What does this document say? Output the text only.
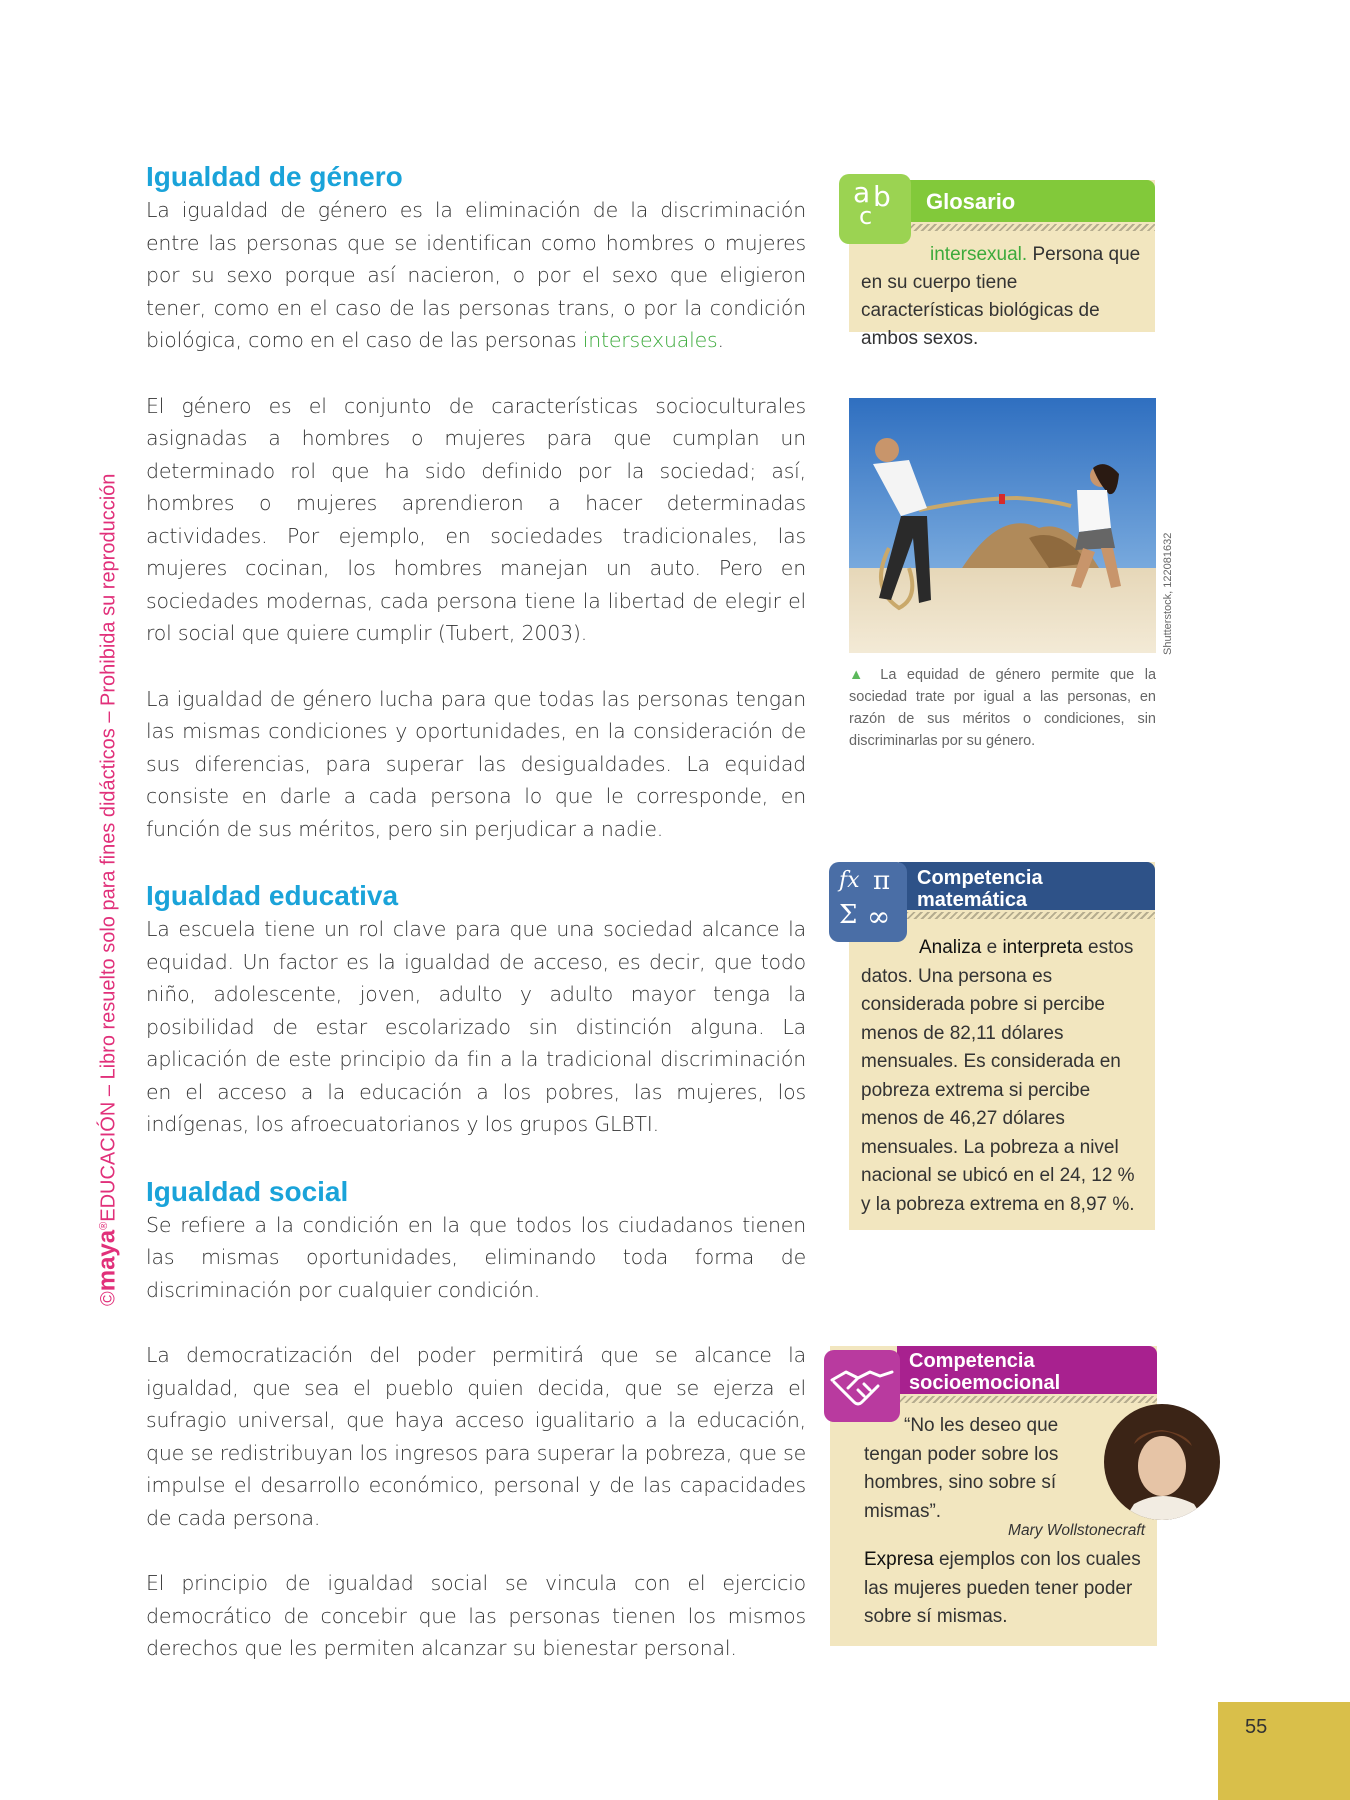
©maya®EDUCACIÓN – Libro resuelto solo para fines didácticos – Prohibida su reproducción
Igualdad de género

La igualdad de género es la eliminación de la discriminación entre las personas que se identifican como hombres o mujeres por su sexo porque así nacieron, o por el sexo que eligieron tener, como en el caso de las personas trans, o por la condición biológica, como en el caso de las personas intersexuales.

El género es el conjunto de características socioculturales asignadas a hombres o mujeres para que cumplan un determinado rol que ha sido definido por la sociedad; así, hombres o mujeres aprendieron a hacer determinadas actividades. Por ejemplo, en sociedades tradicionales, las mujeres cocinan, los hombres manejan un auto. Pero en sociedades modernas, cada persona tiene la libertad de elegir el rol social que quiere cumplir (Tubert, 2003).

La igualdad de género lucha para que todas las personas tengan las mismas condiciones y oportunidades, en la consideración de sus diferencias, para superar las desigualdades. La equidad consiste en darle a cada persona lo que le corresponde, en función de sus méritos, pero sin perjudicar a nadie.

Igualdad educativa

La escuela tiene un rol clave para que una sociedad alcance la equidad. Un factor es la igualdad de acceso, es decir, que todo niño, adolescente, joven, adulto y adulto mayor tenga la posibilidad de estar escolarizado sin distinción alguna. La aplicación de este principio da fin a la tradicional discriminación en el acceso a la educación a los pobres, las mujeres, los indígenas, los afroecuatorianos y los grupos GLBTI.

Igualdad social

Se refiere a la condición en la que todos los ciudadanos tienen las mismas oportunidades, eliminando toda forma de discriminación por cualquier condición.

La democratización del poder permitirá que se alcance la igualdad, que sea el pueblo quien decida, que se ejerza el sufragio universal, que haya acceso igualitario a la educación, que se redistribuyan los ingresos para superar la pobreza, que se impulse el desarrollo económico, personal y de las capacidades de cada persona.

El principio de igualdad social se vincula con el ejercicio democrático de concebir que las personas tienen los mismos derechos que les permiten alcanzar su bienestar personal.

Glosario
a b
c
intersexual. Persona que en su cuerpo tiene características biológicas de ambos sexos.
Shutterstock, 122081632
▲ La equidad de género permite que la sociedad trate por igual a las personas, en razón de sus méritos o condiciones, sin discriminarlas por su género.
Competencia
matemática
fx π
Σ ∞
Analiza e interpreta estos datos. Una persona es considerada pobre si percibe menos de 82,11 dólares mensuales. Es considerada en pobreza extrema si percibe menos de 46,27 dólares mensuales. La pobreza a nivel nacional se ubicó en el 24, 12 % y la pobreza extrema en 8,97 %.
Competencia
socioemocional
“No les deseo que tengan poder sobre los hombres, sino sobre sí mismas”.
Mary Wollstonecraft
Expresa ejemplos con los cuales las mujeres pueden tener poder sobre sí mismas.
55
